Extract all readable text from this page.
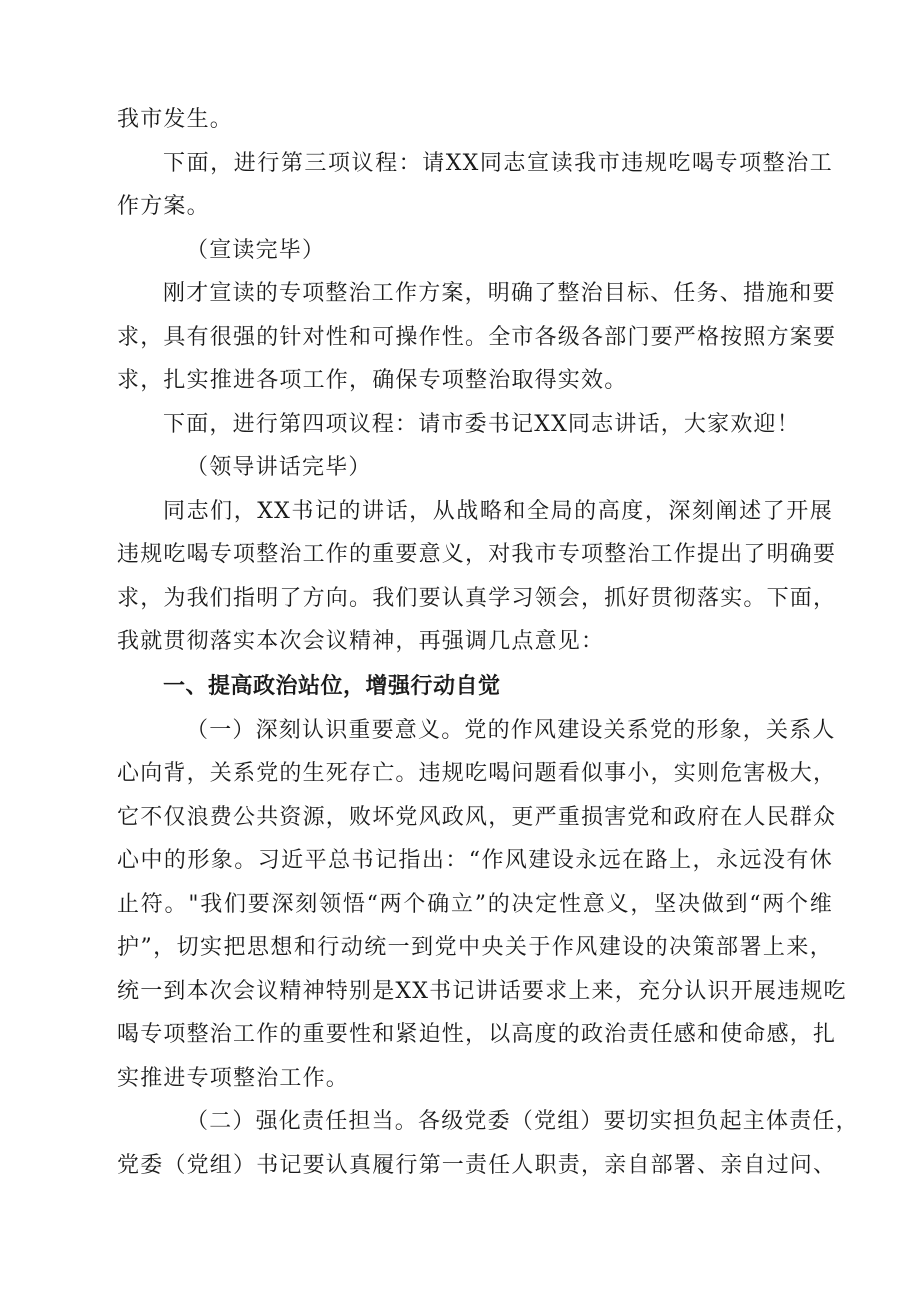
我市发生。
下面，进行第三项议程：请XX同志宣读我市违规吃喝专项整治工
作方案。
（宣读完毕）
刚才宣读的专项整治工作方案，明确了整治目标、任务、措施和要
求，具有很强的针对性和可操作性。全市各级各部门要严格按照方案要
求，扎实推进各项工作，确保专项整治取得实效。
下面，进行第四项议程：请市委书记XX同志讲话，大家欢迎！
（领导讲话完毕）
同志们，XX书记的讲话，从战略和全局的高度，深刻阐述了开展
违规吃喝专项整治工作的重要意义，对我市专项整治工作提出了明确要
求，为我们指明了方向。我们要认真学习领会，抓好贯彻落实。下面，
我就贯彻落实本次会议精神，再强调几点意见：
一、提高政治站位，增强行动自觉
（一）深刻认识重要意义。党的作风建设关系党的形象，关系人
心向背，关系党的生死存亡。违规吃喝问题看似事小，实则危害极大，
它不仅浪费公共资源，败坏党风政风，更严重损害党和政府在人民群众
心中的形象。习近平总书记指出：“作风建设永远在路上，永远没有休
止符。"我们要深刻领悟“两个确立”的决定性意义，坚决做到“两个维
护”，切实把思想和行动统一到党中央关于作风建设的决策部署上来，
统一到本次会议精神特别是XX书记讲话要求上来，充分认识开展违规吃
喝专项整治工作的重要性和紧迫性，以高度的政治责任感和使命感，扎
实推进专项整治工作。
（二）强化责任担当。各级党委（党组）要切实担负起主体责任，
党委（党组）书记要认真履行第一责任人职责，亲自部署、亲自过问、
